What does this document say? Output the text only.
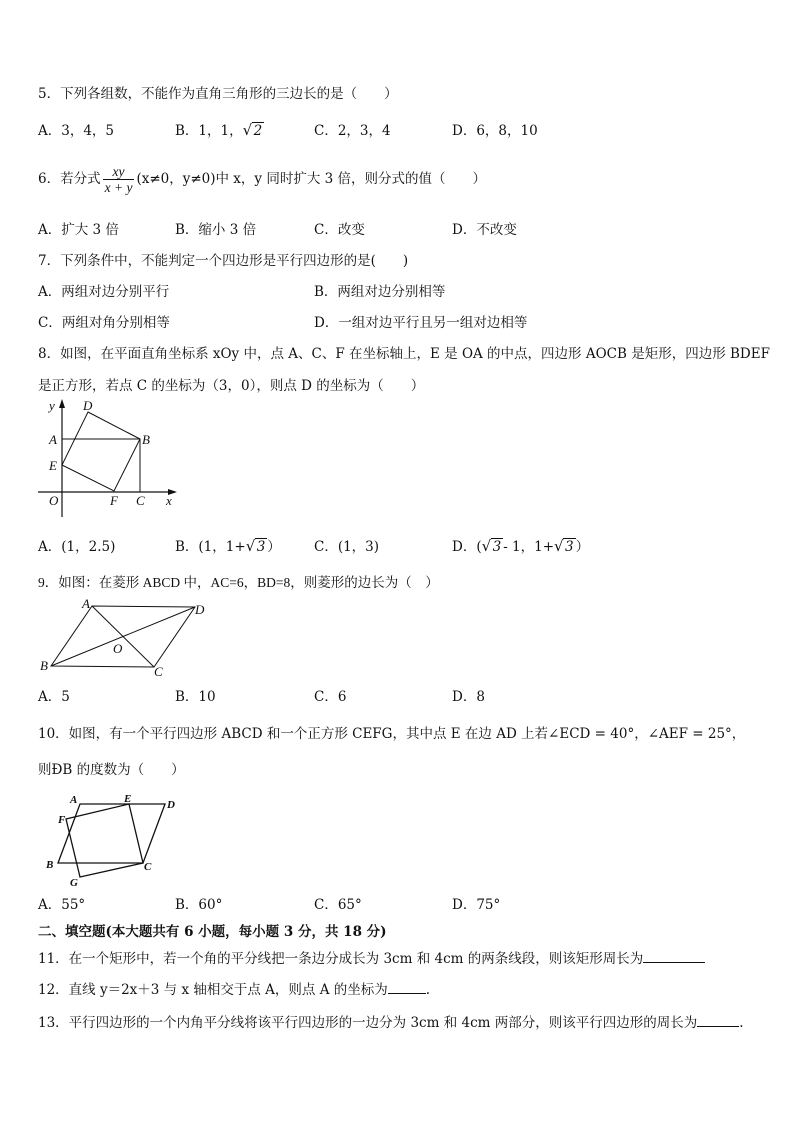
5．下列各组数，不能作为直角三角形的三边长的是（　　）
A．3，4，5	B．1，1， √ 2	C．2，3，4	D．6，8，10
6．若分式 $\frac{xy}{x + y} (x\ne 0$，y≠0)中 x，y 同时扩大 3 倍，则分式的值（　　）
A．扩大 3 倍	B．缩小 3 倍	C．改变	D．不改变
7．下列条件中，不能判定一个四边形是平行四边形的是(　　)
A．两组对边分别平行	B．两组对边分别相等
C．两组对角分别相等	D．一组对边平行且另一组对边相等
8．如图，在平面直角坐标系 xOy 中，点 A、C、F 在坐标轴上，E 是 OA 的中点，四边形 AOCB 是矩形，四边形 BDEF
是正方形，若点 C 的坐标为（3，0），则点 D 的坐标为（　　）
y D
A	B
E
O	F C x
A．(1，2.5)	B．(1，1+ √ 3 ） C．(1，3)	D．( √ 3 - 1，1+ √ 3 ）
9．如图：在菱形 ABCD 中，AC=6，BD=8，则菱形的边长为（　）
A	D
O
B	C
A．5	B．10	C．6	D．8
10．如图，有一个平行四边形 ABCD 和一个正方形 CEFG，其中点 E 在边 AD 上若∠ECD = 40°，∠AEF = 25°，
则ÐB 的度数为（　　）
A	E	D
F
B	C
G
A．55°	B．60°	C．65°	D．75°
二、填空题(本大题共有 6 小题，每小题 3 分，共 18 分)
11．在一个矩形中，若一个角的平分线把一条边分成长为 3cm 和 4cm 的两条线段，则该矩形周长为
12．直线 y＝2x＋3 与 x 轴相交于点 A，则点 A 的坐标为	.
13．平行四边形的一个内角平分线将该平行四边形的一边分为 3cm 和 4cm 两部分，则该平行四边形的周长为	.
